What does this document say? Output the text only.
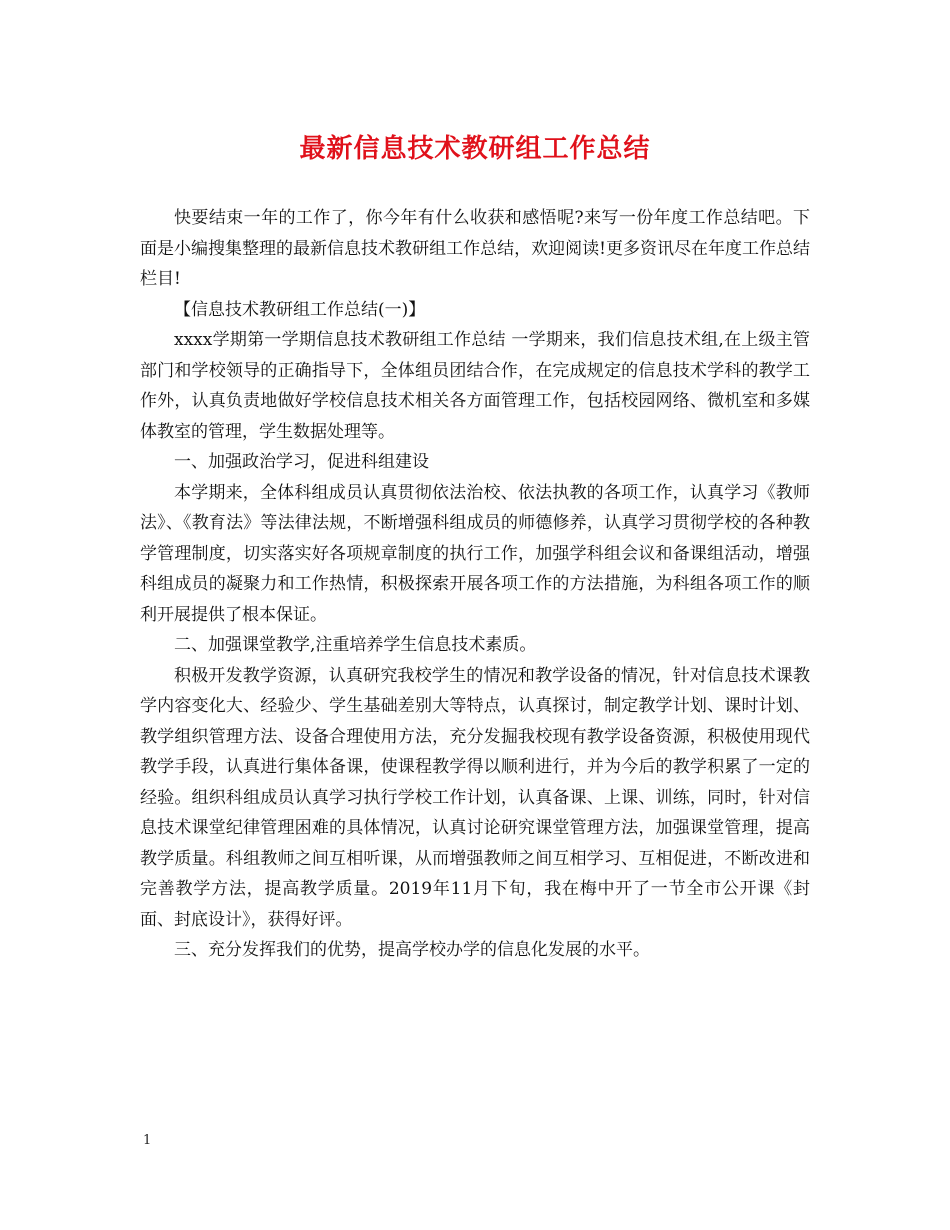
最新信息技术教研组工作总结

快要结束一年的工作了，你今年有什么收获和感悟呢?来写一份年度工作总结吧。下面是小编搜集整理的最新信息技术教研组工作总结，欢迎阅读!更多资讯尽在年度工作总结栏目!

【信息技术教研组工作总结(一)】

xxxx学期第一学期信息技术教研组工作总结 一学期来，我们信息技术组,在上级主管部门和学校领导的正确指导下，全体组员团结合作，在完成规定的信息技术学科的教学工作外，认真负责地做好学校信息技术相关各方面管理工作，包括校园网络、微机室和多媒体教室的管理，学生数据处理等。

一、加强政治学习，促进科组建设

本学期来，全体科组成员认真贯彻依法治校、依法执教的各项工作，认真学习《教师法》、《教育法》等法律法规，不断增强科组成员的师德修养，认真学习贯彻学校的各种教学管理制度，切实落实好各项规章制度的执行工作，加强学科组会议和备课组活动，增强科组成员的凝聚力和工作热情，积极探索开展各项工作的方法措施，为科组各项工作的顺利开展提供了根本保证。

二、加强课堂教学,注重培养学生信息技术素质。

积极开发教学资源，认真研究我校学生的情况和教学设备的情况，针对信息技术课教学内容变化大、经验少、学生基础差别大等特点，认真探讨，制定教学计划、课时计划、教学组织管理方法、设备合理使用方法，充分发掘我校现有教学设备资源，积极使用现代教学手段，认真进行集体备课，使课程教学得以顺利进行，并为今后的教学积累了一定的经验。组织科组成员认真学习执行学校工作计划，认真备课、上课、训练，同时，针对信息技术课堂纪律管理困难的具体情况，认真讨论研究课堂管理方法，加强课堂管理，提高教学质量。科组教师之间互相听课，从而增强教师之间互相学习、互相促进，不断改进和完善教学方法，提高教学质量。2019年11月下旬，我在梅中开了一节全市公开课《封面、封底设计》，获得好评。

三、充分发挥我们的优势，提高学校办学的信息化发展的水平。

1
